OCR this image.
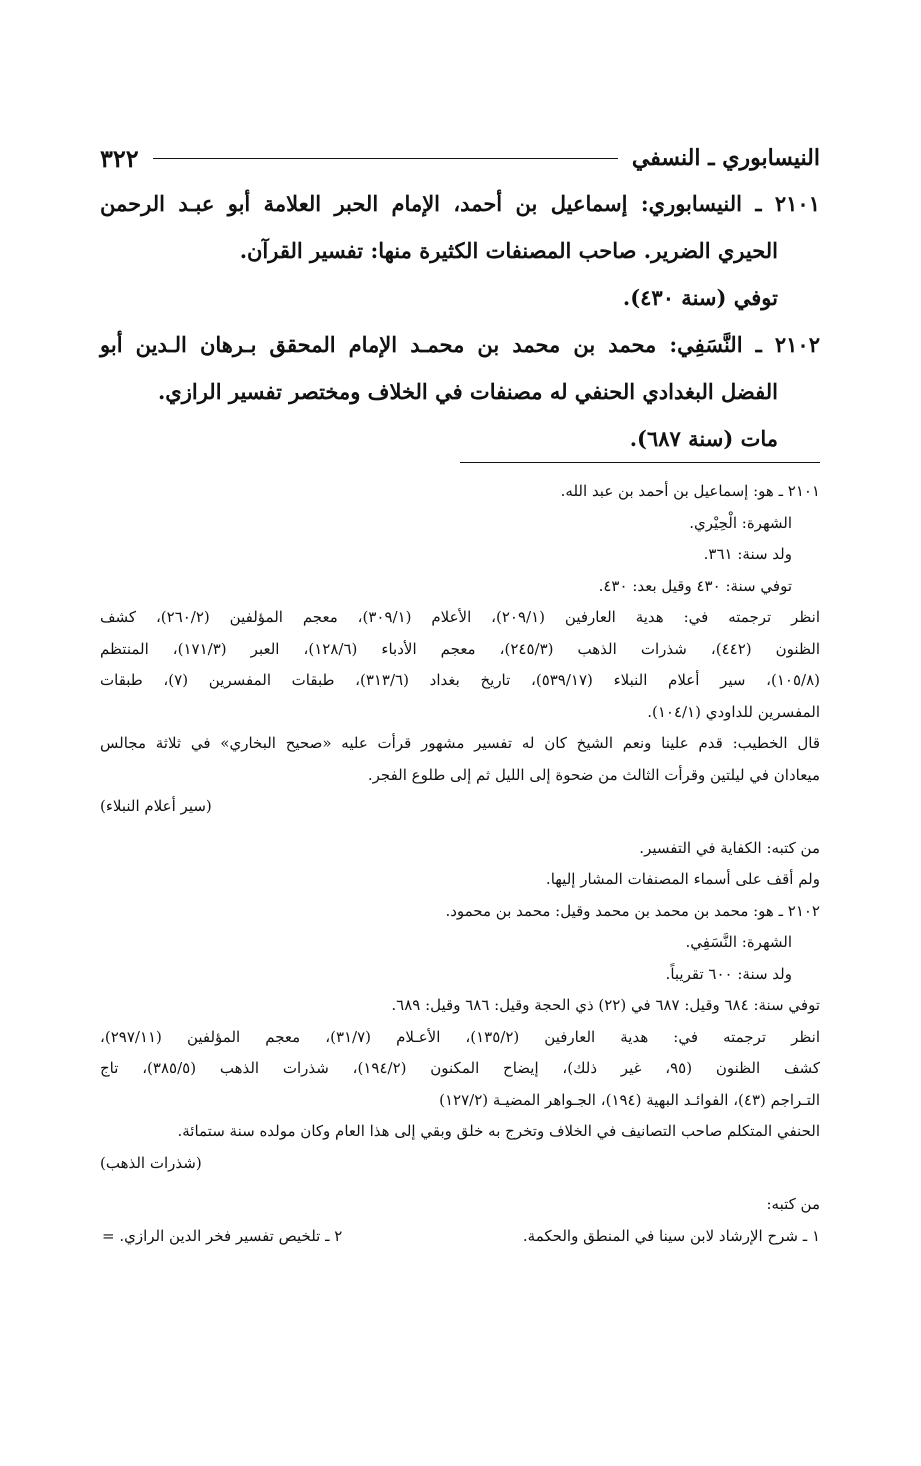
النيسابوري ـ النسفي
٣٢٢
٢١٠١ ـ النيسابوري: إسماعيل بن أحمد، الإمام الحبر العلامة أبو عبـد الرحمن
الحيري الضرير. صاحب المصنفات الكثيرة منها: تفسير القرآن.
توفي (سنة ٤٣٠).
٢١٠٢ ـ النَّسَفِي: محمد بن محمد بن محمـد الإمام المحقق بـرهان الـدين أبو
الفضل البغدادي الحنفي له مصنفات في الخلاف ومختصر تفسير الرازي.
مات (سنة ٦٨٧).
٢١٠١ ـ هو: إسماعيل بن أحمد بن عبد الله.
الشهرة: الْحِيْري.
ولد سنة: ٣٦١.
توفي سنة: ٤٣٠ وقيل بعد: ٤٣٠.
انظر ترجمته في: هدية العارفين (٢٠٩/١)، الأعلام (٣٠٩/١)، معجم المؤلفين (٢٦٠/٢)، كشف
الظنون (٤٤٢)، شذرات الذهب (٢٤٥/٣)، معجم الأدباء (١٢٨/٦)، العبر (١٧١/٣)، المنتظم
(١٠٥/٨)، سير أعلام النبلاء (٥٣٩/١٧)، تاريخ بغداد (٣١٣/٦)، طبقات المفسرين (٧)، طبقات
المفسرين للداودي (١٠٤/١).
قال الخطيب: قدم علينا ونعم الشيخ كان له تفسير مشهور قرأت عليه «صحيح البخاري» في ثلاثة مجالس
ميعادان في ليلتين وقرأت الثالث من ضحوة إلى الليل ثم إلى طلوع الفجر.
(سير أعلام النبلاء)
من كتبه: الكفاية في التفسير.
ولم أقف على أسماء المصنفات المشار إليها.
٢١٠٢ ـ هو: محمد بن محمد بن محمد وقيل: محمد بن محمود.
الشهرة: النَّسَفِي.
ولد سنة: ٦٠٠ تقريباً.
توفي سنة: ٦٨٤ وقيل: ٦٨٧ في (٢٢) ذي الحجة وقيل: ٦٨٦ وقيل: ٦٨٩.
انظر ترجمته في: هدية العارفين (١٣٥/٢)، الأعـلام (٣١/٧)، معجم المؤلفين (٢٩٧/١١)،
كشف الظنون (٩٥، غير ذلك)، إيضاح المكنون (١٩٤/٢)، شذرات الذهب (٣٨٥/٥)، تاج
التـراجم (٤٣)، الفوائـد البهية (١٩٤)، الجـواهر المضيـة (١٢٧/٢)
الحنفي المتكلم صاحب التصانيف في الخلاف وتخرج به خلق وبقي إلى هذا العام وكان مولده سنة ستمائة.
(شذرات الذهب)
من كتبه:
١ ـ شرح الإرشاد لابن سينا في المنطق والحكمة.
٢ ـ تلخيص تفسير فخر الدين الرازي. =
